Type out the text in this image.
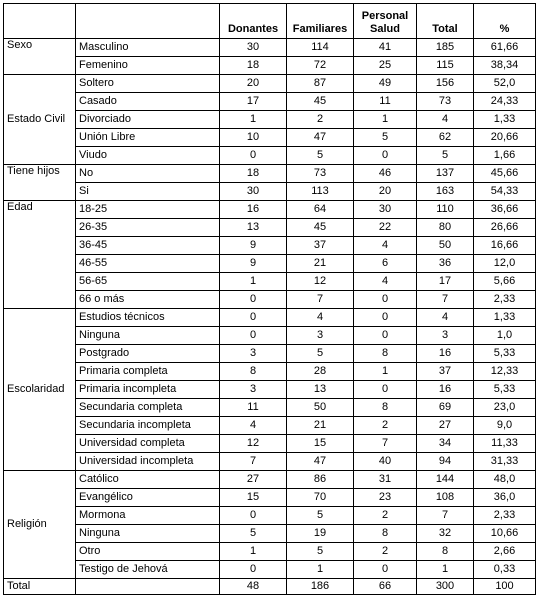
		Donantes	Familiares	Personal Salud	Total	%
Sexo	Masculino	30	114	41	185	61,66
	Femenino	18	72	25	115	38,34
Estado Civil	Soltero	20	87	49	156	52,0
	Casado	17	45	11	73	24,33
	Divorciado	1	2	1	4	1,33
	Unión Libre	10	47	5	62	20,66
	Viudo	0	5	0	5	1,66
Tiene hijos	No	18	73	46	137	45,66
	Si	30	113	20	163	54,33
Edad	18-25	16	64	30	110	36,66
	26-35	13	45	22	80	26,66
	36-45	9	37	4	50	16,66
	46-55	9	21	6	36	12,0
	56-65	1	12	4	17	5,66
	66 o más	0	7	0	7	2,33
Escolaridad	Estudios técnicos	0	4	0	4	1,33
	Ninguna	0	3	0	3	1,0
	Postgrado	3	5	8	16	5,33
	Primaria completa	8	28	1	37	12,33
	Primaria incompleta	3	13	0	16	5,33
	Secundaria completa	11	50	8	69	23,0
	Secundaria incompleta	4	21	2	27	9,0
	Universidad completa	12	15	7	34	11,33
	Universidad incompleta	7	47	40	94	31,33
Religión	Católico	27	86	31	144	48,0
	Evangélico	15	70	23	108	36,0
	Mormona	0	5	2	7	2,33
	Ninguna	5	19	8	32	10,66
	Otro	1	5	2	8	2,66
	Testigo de Jehová	0	1	0	1	0,33
Total		48	186	66	300	100
